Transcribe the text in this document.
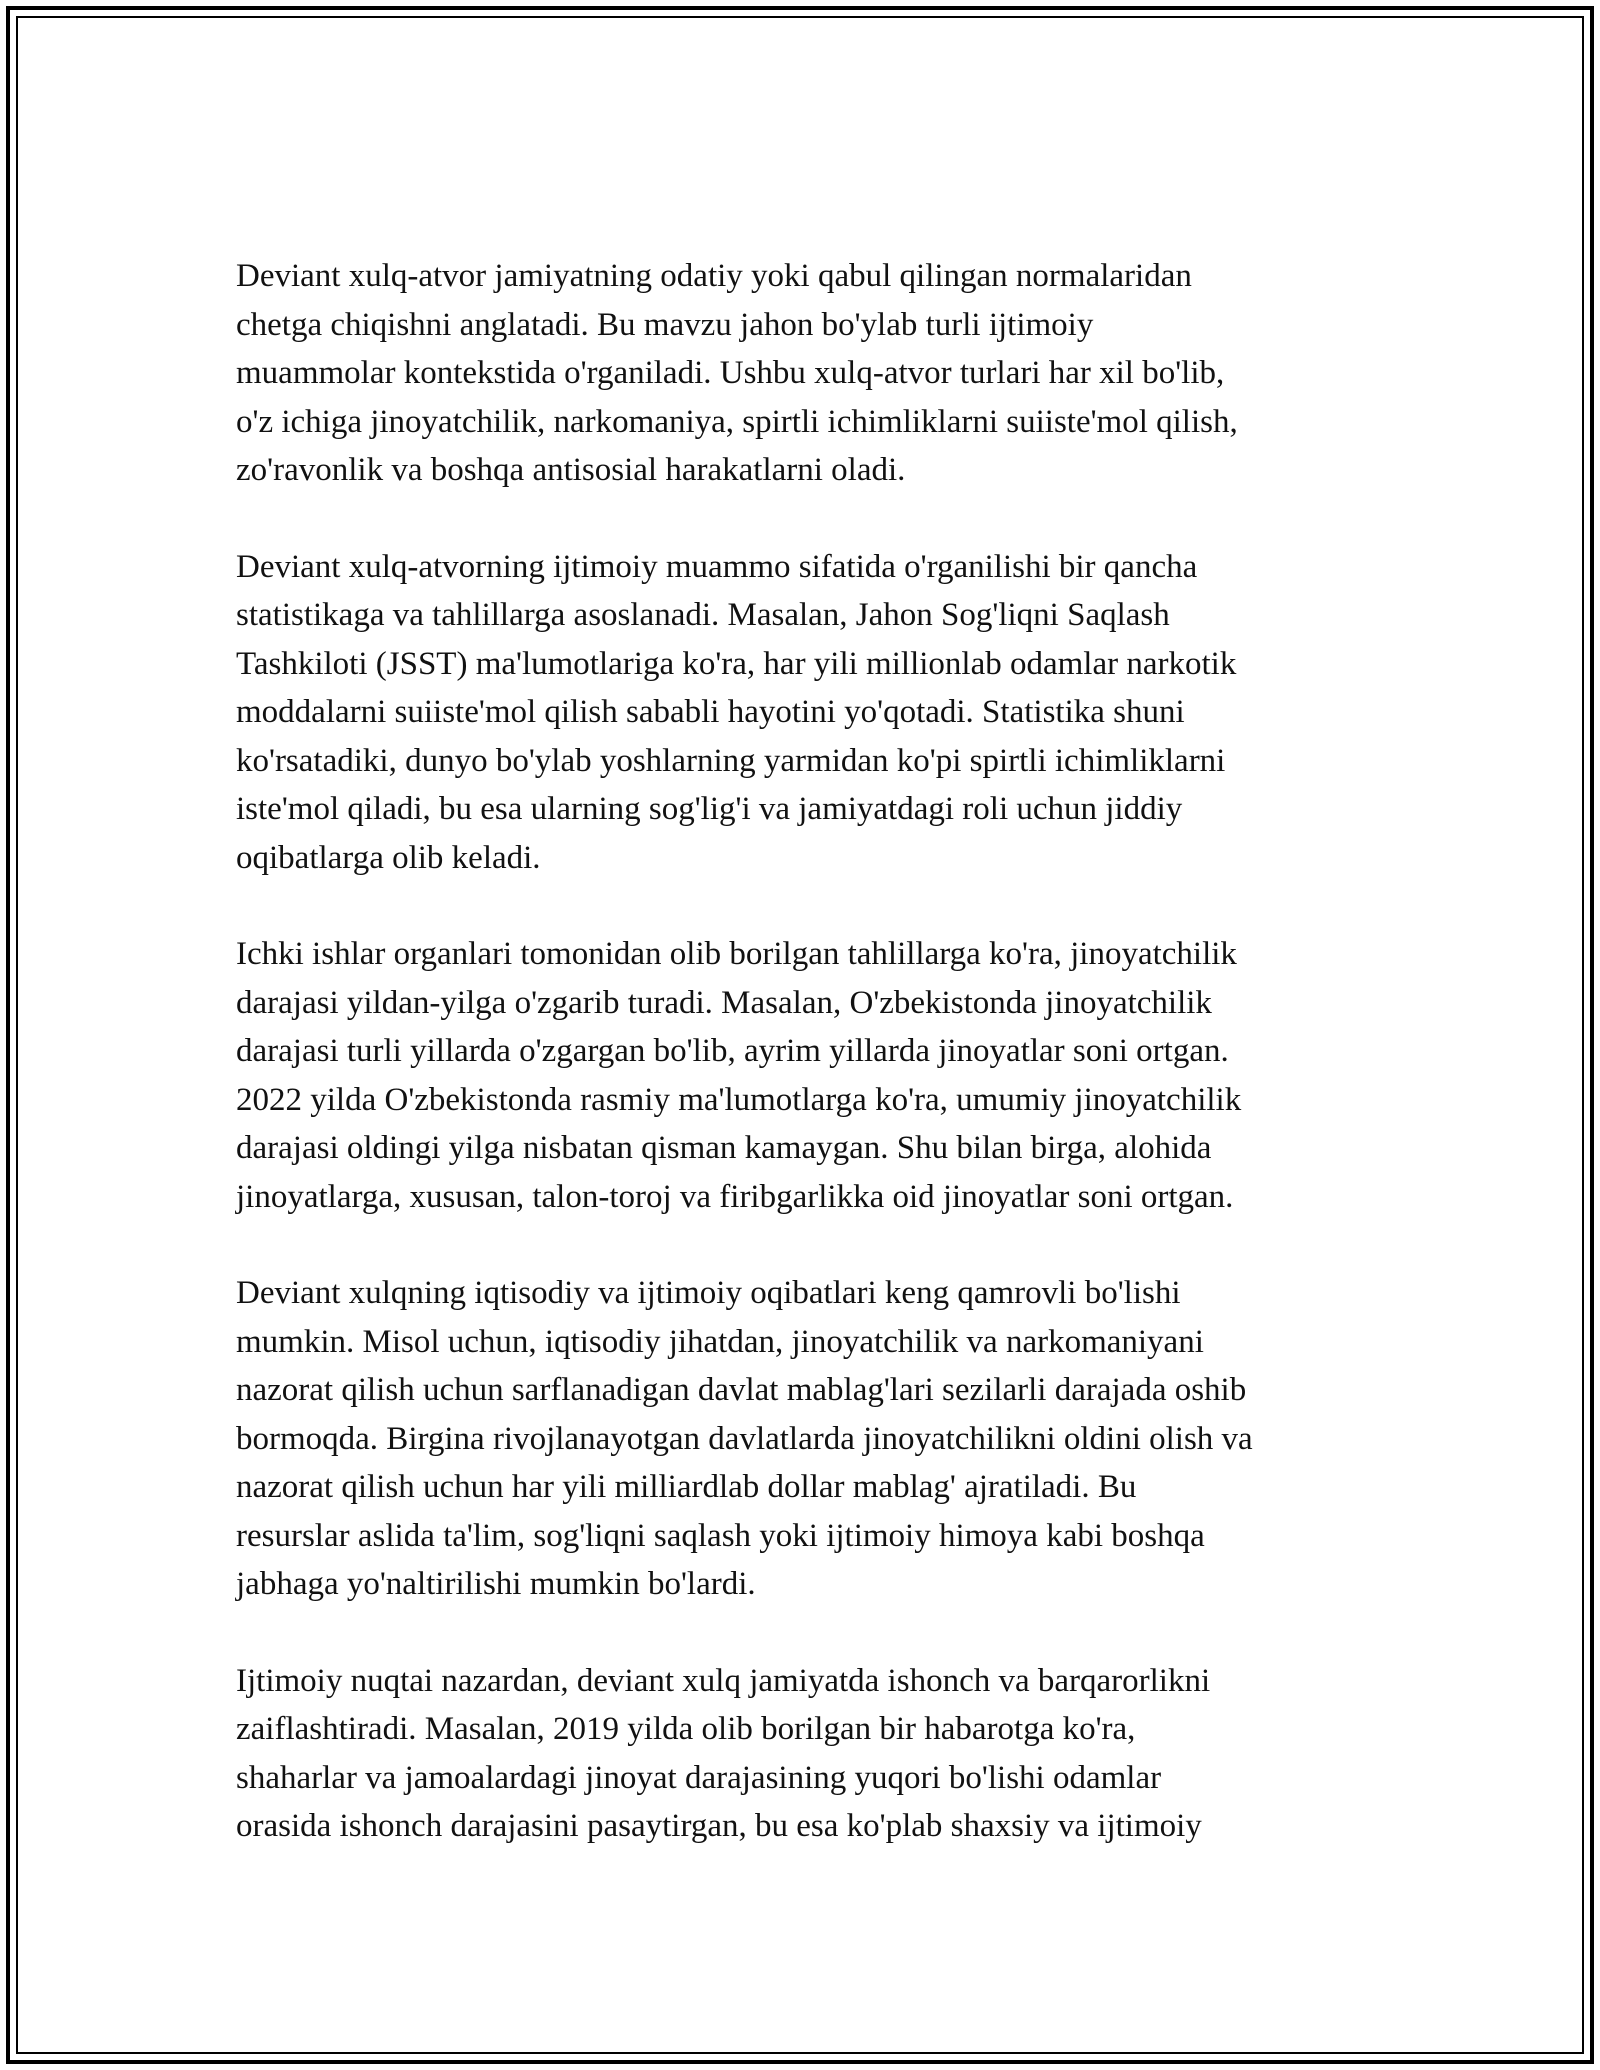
Deviant xulq-atvor jamiyatning odatiy yoki qabul qilingan normalaridan
chetga chiqishni anglatadi. Bu mavzu jahon bo'ylab turli ijtimoiy
muammolar kontekstida o'rganiladi. Ushbu xulq-atvor turlari har xil bo'lib,
o'z ichiga jinoyatchilik, narkomaniya, spirtli ichimliklarni suiiste'mol qilish,
zo'ravonlik va boshqa antisosial harakatlarni oladi.

Deviant xulq-atvorning ijtimoiy muammo sifatida o'rganilishi bir qancha
statistikaga va tahlillarga asoslanadi. Masalan, Jahon Sog'liqni Saqlash
Tashkiloti (JSST) ma'lumotlariga ko'ra, har yili millionlab odamlar narkotik
moddalarni suiiste'mol qilish sababli hayotini yo'qotadi. Statistika shuni
ko'rsatadiki, dunyo bo'ylab yoshlarning yarmidan ko'pi spirtli ichimliklarni
iste'mol qiladi, bu esa ularning sog'lig'i va jamiyatdagi roli uchun jiddiy
oqibatlarga olib keladi.

Ichki ishlar organlari tomonidan olib borilgan tahlillarga ko'ra, jinoyatchilik
darajasi yildan-yilga o'zgarib turadi. Masalan, O'zbekistonda jinoyatchilik
darajasi turli yillarda o'zgargan bo'lib, ayrim yillarda jinoyatlar soni ortgan.
2022 yilda O'zbekistonda rasmiy ma'lumotlarga ko'ra, umumiy jinoyatchilik
darajasi oldingi yilga nisbatan qisman kamaygan. Shu bilan birga, alohida
jinoyatlarga, xususan, talon-toroj va firibgarlikka oid jinoyatlar soni ortgan.

Deviant xulqning iqtisodiy va ijtimoiy oqibatlari keng qamrovli bo'lishi
mumkin. Misol uchun, iqtisodiy jihatdan, jinoyatchilik va narkomaniyani
nazorat qilish uchun sarflanadigan davlat mablag'lari sezilarli darajada oshib
bormoqda. Birgina rivojlanayotgan davlatlarda jinoyatchilikni oldini olish va
nazorat qilish uchun har yili milliardlab dollar mablag' ajratiladi. Bu
resurslar aslida ta'lim, sog'liqni saqlash yoki ijtimoiy himoya kabi boshqa
jabhaga yo'naltirilishi mumkin bo'lardi.

Ijtimoiy nuqtai nazardan, deviant xulq jamiyatda ishonch va barqarorlikni
zaiflashtiradi. Masalan, 2019 yilda olib borilgan bir habarotga ko'ra,
shaharlar va jamoalardagi jinoyat darajasining yuqori bo'lishi odamlar
orasida ishonch darajasini pasaytirgan, bu esa ko'plab shaxsiy va ijtimoiy
